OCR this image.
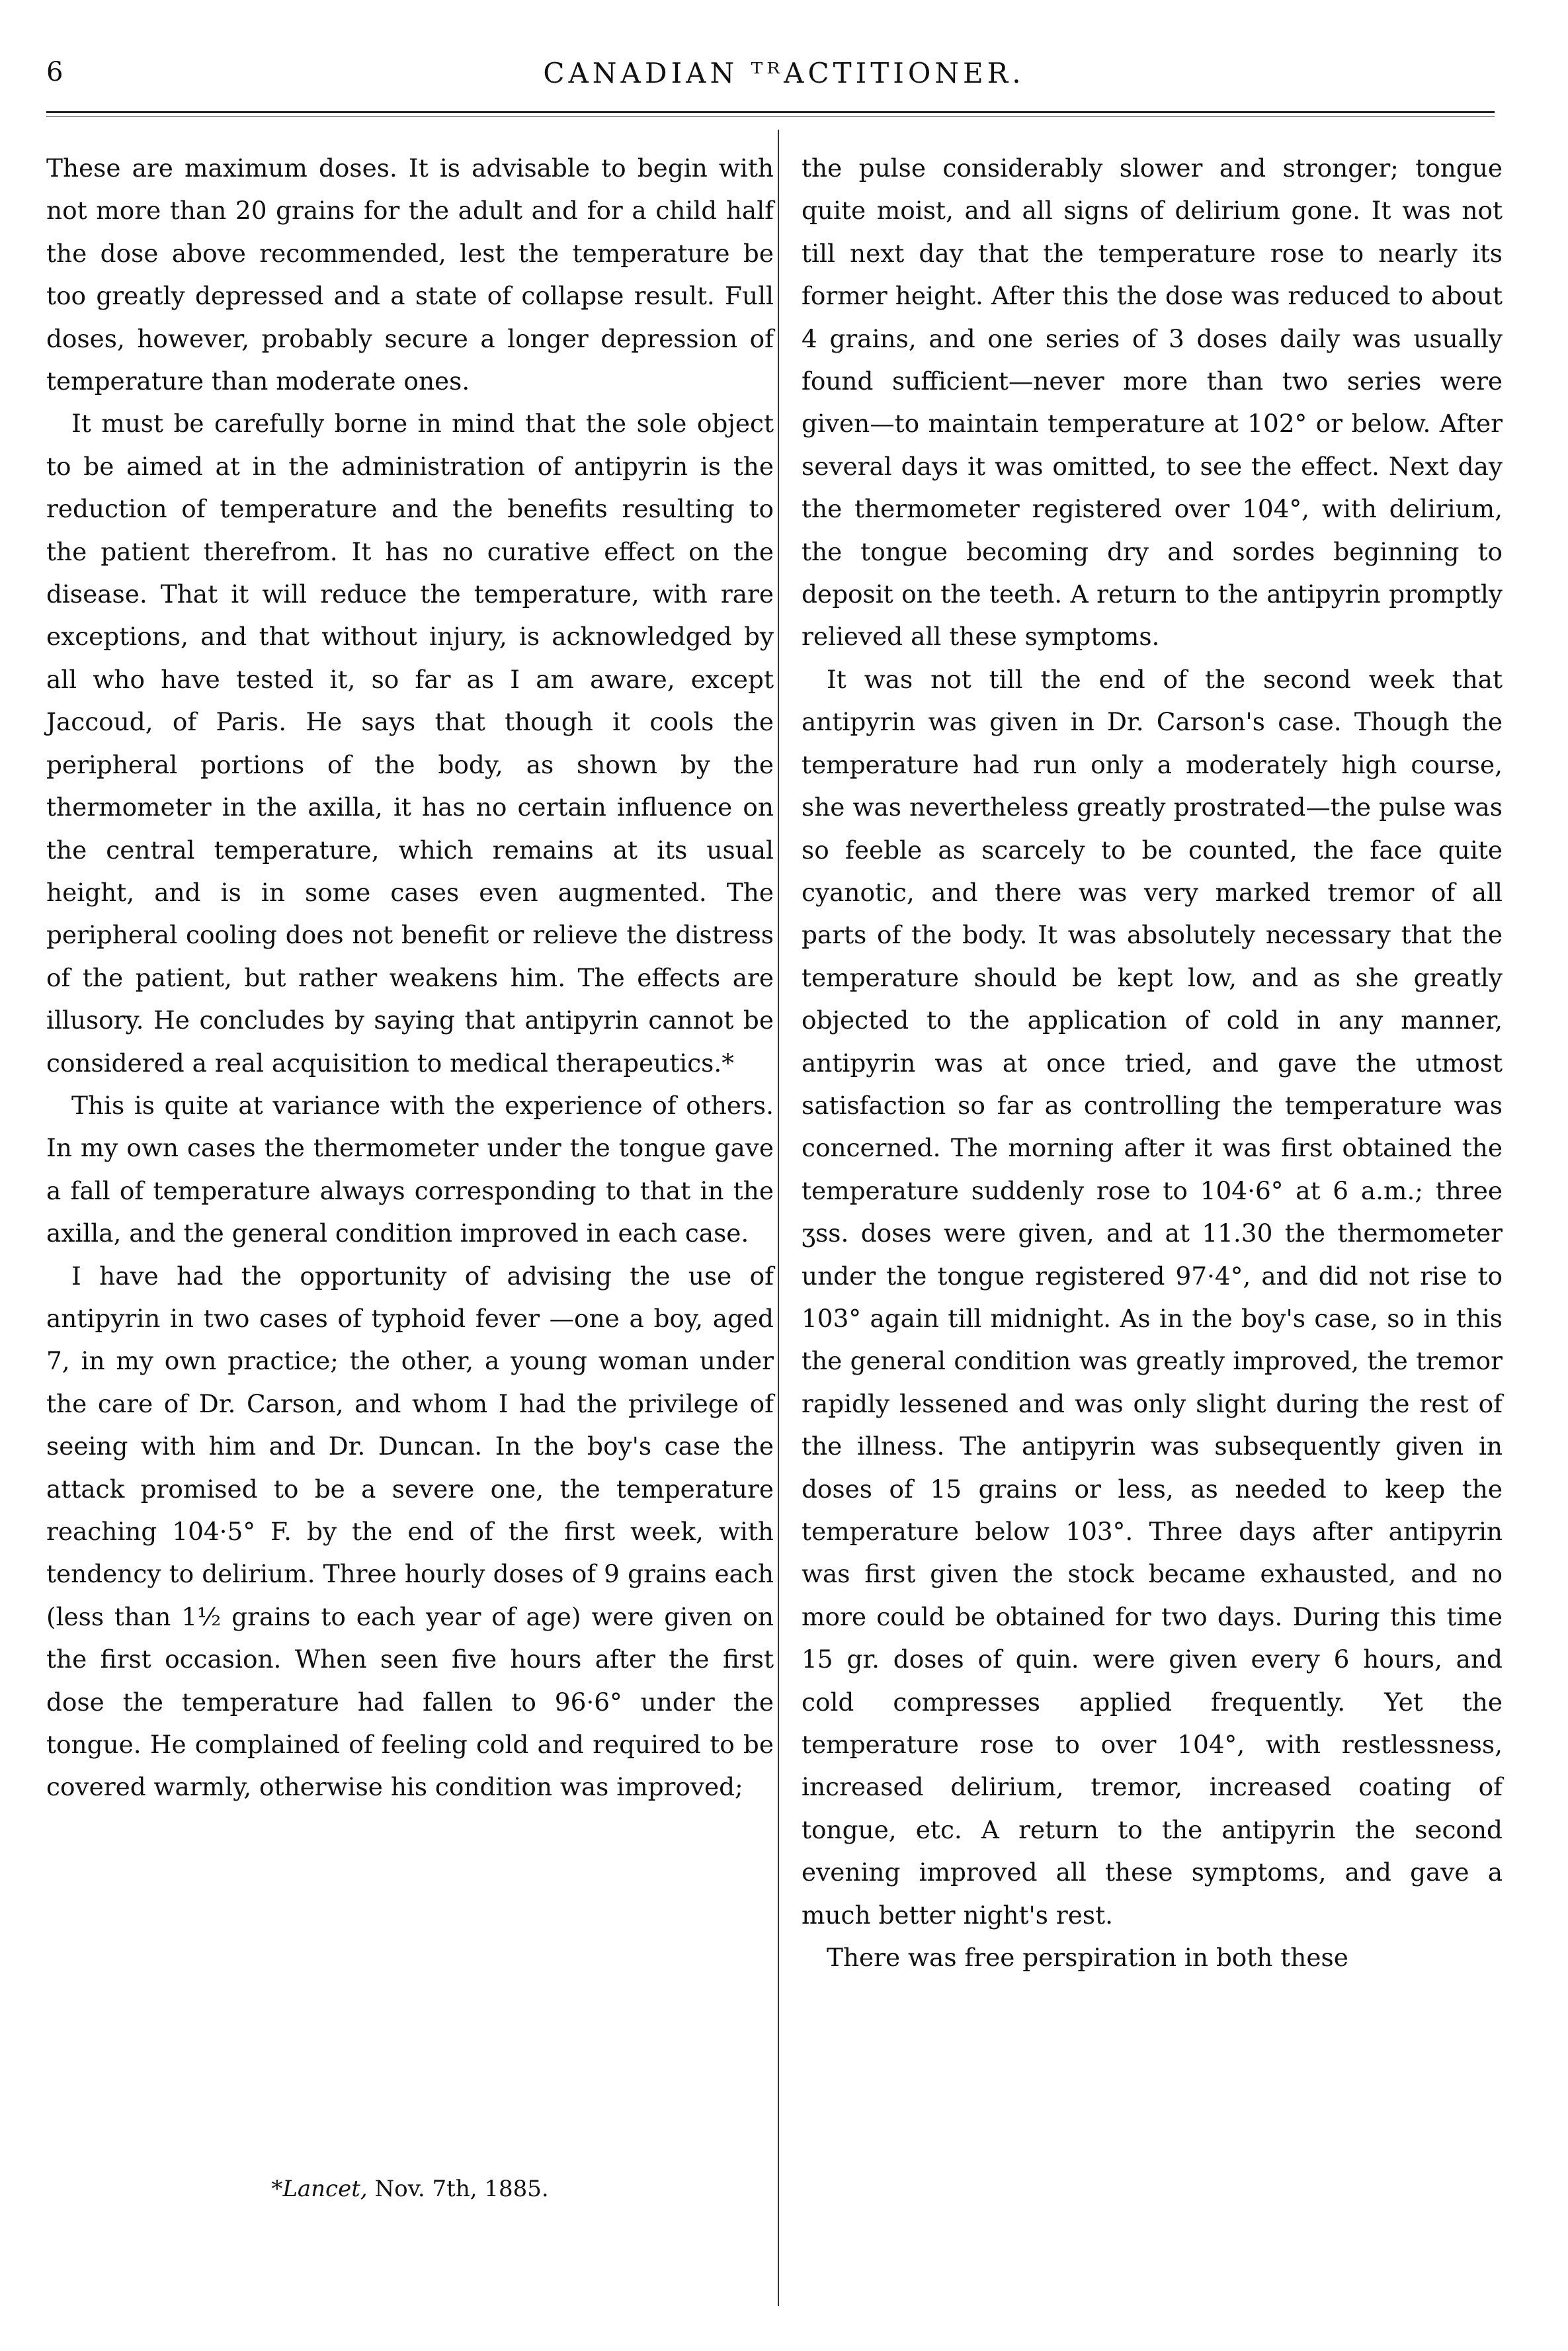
6	CANADIAN ᵀᴿACTITIONER.

These are maximum doses. It is advisable to begin with not more than 20 grains for the adult and for a child half the dose above recommended, lest the temperature be too greatly depressed and a state of collapse result. Full doses, however, probably secure a longer depression of temperature than moderate ones.

It must be carefully borne in mind that the sole object to be aimed at in the administration of antipyrin is the reduction of temperature and the benefits resulting to the patient therefrom. It has no curative effect on the disease. That it will reduce the temperature, with rare exceptions, and that without injury, is acknowledged by all who have tested it, so far as I am aware, except Jaccoud, of Paris. He says that though it cools the peripheral portions of the body, as shown by the thermometer in the axilla, it has no certain influence on the central temperature, which remains at its usual height, and is in some cases even augmented. The peripheral cooling does not benefit or relieve the distress of the patient, but rather weakens him. The effects are illusory. He concludes by saying that antipyrin cannot be considered a real acquisition to medical therapeutics.*

This is quite at variance with the experience of others. In my own cases the thermometer under the tongue gave a fall of temperature always corresponding to that in the axilla, and the general condition improved in each case.

I have had the opportunity of advising the use of antipyrin in two cases of typhoid fever —one a boy, aged 7, in my own practice; the other, a young woman under the care of Dr. Carson, and whom I had the privilege of seeing with him and Dr. Duncan. In the boy's case the attack promised to be a severe one, the temperature reaching 104·5° F. by the end of the first week, with tendency to delirium. Three hourly doses of 9 grains each (less than 1½ grains to each year of age) were given on the first occasion. When seen five hours after the first dose the temperature had fallen to 96·6° under the tongue. He complained of feeling cold and required to be covered warmly, otherwise his condition was improved;

the pulse considerably slower and stronger; tongue quite moist, and all signs of delirium gone. It was not till next day that the temperature rose to nearly its former height. After this the dose was reduced to about 4 grains, and one series of 3 doses daily was usually found sufficient—never more than two series were given—to maintain temperature at 102° or below. After several days it was omitted, to see the effect. Next day the thermometer registered over 104°, with delirium, the tongue becoming dry and sordes beginning to deposit on the teeth. A return to the antipyrin promptly relieved all these symptoms.

It was not till the end of the second week that antipyrin was given in Dr. Carson's case. Though the temperature had run only a moderately high course, she was nevertheless greatly prostrated—the pulse was so feeble as scarcely to be counted, the face quite cyanotic, and there was very marked tremor of all parts of the body. It was absolutely necessary that the temperature should be kept low, and as she greatly objected to the application of cold in any manner, antipyrin was at once tried, and gave the utmost satisfaction so far as controlling the temperature was concerned. The morning after it was first obtained the temperature suddenly rose to 104·6° at 6 a.m.; three ʒss. doses were given, and at 11.30 the thermometer under the tongue registered 97·4°, and did not rise to 103° again till midnight. As in the boy's case, so in this the general condition was greatly improved, the tremor rapidly lessened and was only slight during the rest of the illness. The antipyrin was subsequently given in doses of 15 grains or less, as needed to keep the temperature below 103°. Three days after antipyrin was first given the stock became exhausted, and no more could be obtained for two days. During this time 15 gr. doses of quin. were given every 6 hours, and cold compresses applied frequently. Yet the temperature rose to over 104°, with restlessness, increased delirium, tremor, increased coating of tongue, etc. A return to the antipyrin the second evening improved all these symptoms, and gave a much better night's rest.

There was free perspiration in both these

*Lancet, Nov. 7th, 1885.
